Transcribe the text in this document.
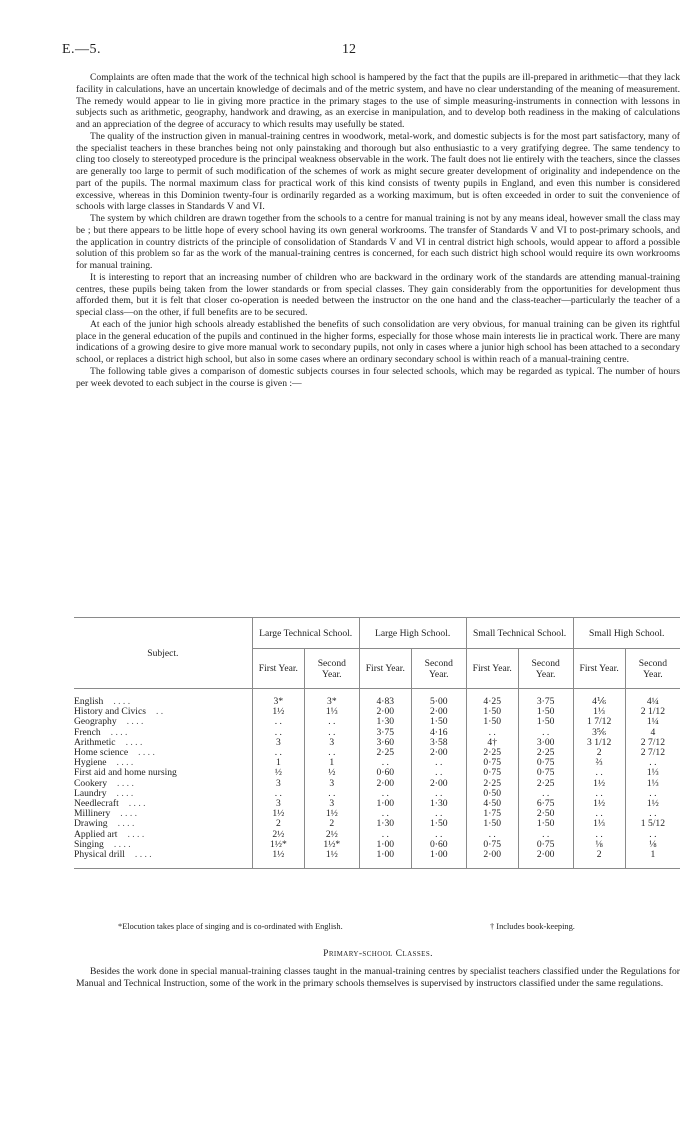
E.—5.	12

Complaints are often made that the work of the technical high school is hampered by the fact that the pupils are ill-prepared in arithmetic—that they lack facility in calculations, have an uncertain knowledge of decimals and of the metric system, and have no clear understanding of the meaning of measurement. The remedy would appear to lie in giving more practice in the primary stages to the use of simple measuring-instruments in connection with lessons in subjects such as arithmetic, geography, handwork and drawing, as an exercise in manipulation, and to develop both readiness in the making of calculations and an appreciation of the degree of accuracy to which results may usefully be stated.

The quality of the instruction given in manual-training centres in woodwork, metal-work, and domestic subjects is for the most part satisfactory, many of the specialist teachers in these branches being not only painstaking and thorough but also enthusiastic to a very gratifying degree. The same tendency to cling too closely to stereotyped procedure is the principal weakness observable in the work. The fault does not lie entirely with the teachers, since the classes are generally too large to permit of such modification of the schemes of work as might secure greater development of originality and independence on the part of the pupils. The normal maximum class for practical work of this kind consists of twenty pupils in England, and even this number is considered excessive, whereas in this Dominion twenty-four is ordinarily regarded as a working maximum, but is often exceeded in order to suit the convenience of schools with large classes in Standards V and VI.

The system by which children are drawn together from the schools to a centre for manual training is not by any means ideal, however small the class may be ; but there appears to be little hope of every school having its own general workrooms. The transfer of Standards V and VI to post-primary schools, and the application in country districts of the principle of consolidation of Standards V and VI in central district high schools, would appear to afford a possible solution of this problem so far as the work of the manual-training centres is concerned, for each such district high school would require its own workrooms for manual training.

It is interesting to report that an increasing number of children who are backward in the ordinary work of the standards are attending manual-training centres, these pupils being taken from the lower standards or from special classes. They gain considerably from the opportunities for development thus afforded them, but it is felt that closer co-operation is needed between the instructor on the one hand and the class-teacher—particularly the teacher of a special class—on the other, if full benefits are to be secured.

At each of the junior high schools already established the benefits of such consolidation are very obvious, for manual training can be given its rightful place in the general education of the pupils and continued in the higher forms, especially for those whose main interests lie in practical work. There are many indications of a growing desire to give more manual work to secondary pupils, not only in cases where a junior high school has been attached to a secondary school, or replaces a district high school, but also in some cases where an ordinary secondary school is within reach of a manual-training centre.

The following table gives a comparison of domestic subjects courses in four selected schools, which may be regarded as typical. The number of hours per week devoted to each subject in the course is given :—

Subject.	Large Technical School.		Large High School.		Small Technical School.		Small High School.	
	First Year.	Second Year.	First Year.	Second Year.	First Year.	Second Year.	First Year.	Second Year.
English . . . .	3*	3*	4·83	5·00	4·25	3·75	4⅙	4¼
History and Civics . .	1½	1⅓	2·00	2·00	1·50	1·50	1⅓	2 1/12
Geography . . . .	. .	. .	1·30	1·50	1·50	1·50	1 7/12	1¼
French . . . .	. .	. .	3·75	4·16	. .	. .	3⅚	4
Arithmetic . . . .	3	3	3·60	3·58	4†	3·00	3 1/12	2 7/12
Home science . . . .	. .	. .	2·25	2·00	2·25	2·25	2	2 7/12
Hygiene . . . .	1	1	. .	. .	0·75	0·75	⅔	. .
First aid and home nursing	½	½	0·60	. .	0·75	0·75	. .	1⅓
Cookery . . . .	3	3	2·00	2·00	2·25	2·25	1½	1⅓
Laundry . . . .	. .	. .	. .	. .	0·50	. .	. .	. .
Needlecraft . . . .	3	3	1·00	1·30	4·50	6·75	1½	1½
Millinery . . . .	1½	1½	. .	. .	1·75	2·50	. .	. .
Drawing . . . .	2	2	1·30	1·50	1·50	1·50	1⅓	1 5/12
Applied art . . . .	2½	2½	. .	. .	. .	. .	. .	. .
Singing . . . .	1½*	1½*	1·00	0·60	0·75	0·75	⅛	⅛
Physical drill . . . .	1½	1½	1·00	1·00	2·00	2·00	2	1
*Elocution takes place of singing and is co-ordinated with English.	† Includes book-keeping.
Primary-school Classes.
Besides the work done in special manual-training classes taught in the manual-training centres by specialist teachers classified under the Regulations for Manual and Technical Instruction, some of the work in the primary schools themselves is supervised by instructors classified under the same regulations.
